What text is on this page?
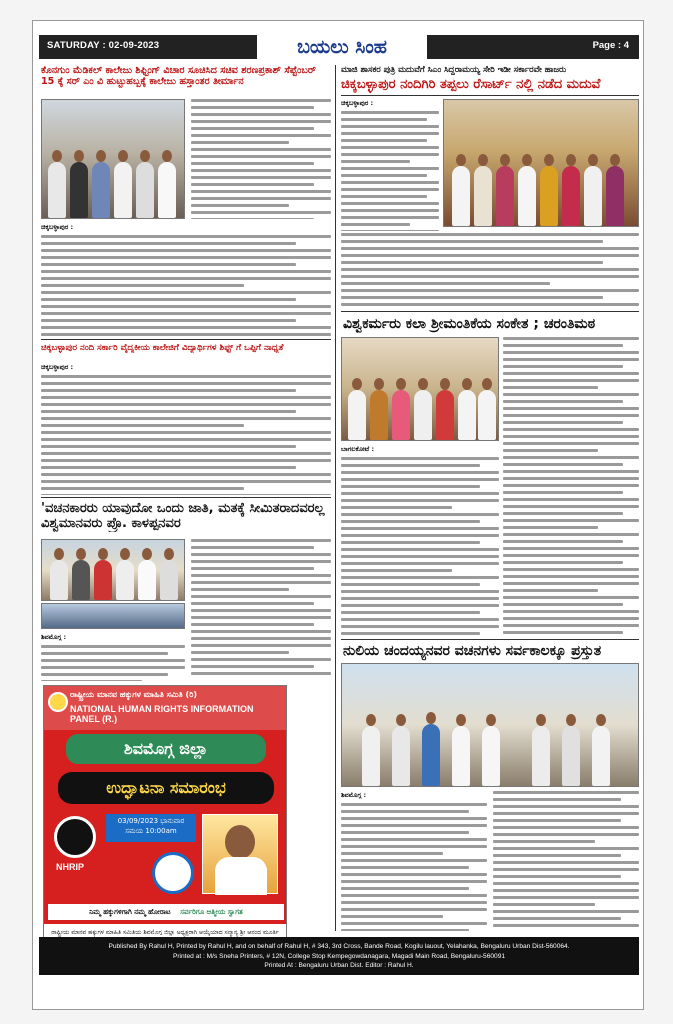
SATURDAY : 02-09-2023	ಬಯಲು ಸಿಂಹ	Page : 4
ಕೊನಗುಂ ಮೆಡಿಕಲ್ ಕಾಲೇಜು ಶಿಫ್ಟಿಂಗ್ ವಿಚಾರ ಸೂಚಿಸಿದ ಸಚಿವ ಶರಣಪ್ರಕಾಶ್ ಸೆಪ್ಟೆಂಬರ್ 15 ಕ್ಕೆ ಸರ್ ಎಂ ವಿ ಹುಟ್ಟುಹಬ್ಬಕ್ಕೆ ಕಾಲೇಜು ಹಸ್ತಾಂತರ ತೀರ್ಮಾನ
ಚಿಕ್ಕಬಳ್ಳಾಪುರ :
ಚಿಕ್ಕಬಳ್ಳಾಪುರ ನಂದಿ ಸರ್ಕಾರಿ ವೈದ್ಯಕೀಯ ಕಾಲೇಜಿಗೆ ವಿದ್ಯಾರ್ಥಿಗಳ ಶಿಫ್ಟ್ ಗೆ ಒಪ್ಪಿಗೆ ನಾಧ್ಯತೆ
ಚಿಕ್ಕಬಳ್ಳಾಪುರ :
'ವಚನಕಾರರು ಯಾವುದೋ ಒಂದು ಜಾತಿ, ಮತಕ್ಕೆ ಸೀಮಿತರಾದವರಲ್ಲ ವಿಶ್ವಮಾನವರು ಪ್ರೊ. ಕಾಳಪ್ಪನವರ
ಶಿವಮೊಗ್ಗ :
ರಾಷ್ಟ್ರೀಯ ಮಾನವ ಹಕ್ಕುಗಳ ಮಾಹಿತಿ ಸಮಿತಿ (ರಿ)
NATIONAL HUMAN RIGHTS INFORMATION PANEL (R.)
ಶಿವಮೊಗ್ಗ ಜಿಲ್ಲಾ
ಉದ್ಘಾಟನಾ ಸಮಾರಂಭ
03/09/2023 ಭಾನುವಾರ
ಸಮಯ 10:00am
NHRIP
ನಿಮ್ಮ ಹಕ್ಕುಗಳಿಗಾಗಿ ನಮ್ಮ ಹೋರಾಟ ಸರ್ವರಿಗೂ ಆತ್ಮೀಯ ಸ್ವಾಗತ
ರಾಷ್ಟ್ರೀಯ ಮಾನವ ಹಕ್ಕುಗಳ ಮಾಹಿತಿ ಸಮಿತಿಯ ಶಿವಮೊಗ್ಗ ಜಿಲ್ಲಾ ಅಧ್ಯಕ್ಷರಾಗಿ ಆಯ್ಕೆಯಾದ ಸನ್ಮಾನ್ಯ ಶ್ರೀ ಆನಂದ ಮೂರ್ತಿ
ಮಾಜಿ ಶಾಸಕರ ಪುತ್ರಿ ಮದುವೆಗೆ ಸಿಎಂ ಸಿದ್ದರಾಮಯ್ಯ ಸೇರಿ ಇಡೀ ಸರ್ಕಾರವೇ ಹಾಜರು
ಚಿಕ್ಕಬಳ್ಳಾಪುರ ನಂದಿಗಿರಿ ತಪ್ಪಲು ರೆಸಾರ್ಟ್ ನಲ್ಲಿ ನಡೆದ ಮದುವೆ
ಚಿಕ್ಕಬಳ್ಳಾಪುರ :
ವಿಶ್ವಕರ್ಮರು ಕಲಾ ಶ್ರೀಮಂತಿಕೆಯ ಸಂಕೇತ ; ಚರಂತಿಮಠ
ಬಾಗಲಕೋಟೆ :
ನುಲಿಯ ಚಂದಯ್ಯನವರ ವಚನಗಳು ಸರ್ವಕಾಲಕ್ಕೂ ಪ್ರಸ್ತುತ
ಶಿವಮೊಗ್ಗ :
Published By Rahul H, Printed by Rahul H, and on behalf of Rahul H, # 343, 3rd Cross, Bande Road, Kogilu lauout, Yelahanka, Bengaluru Urban Dist-560064.
Printed at : M/s Sneha Printers, # 12N, College Stop Kempegowdanagara, Magadi Main Road, Bengaluru-560091
Printed At : Bengaluru Urban Dist. Editor : Rahul H.
